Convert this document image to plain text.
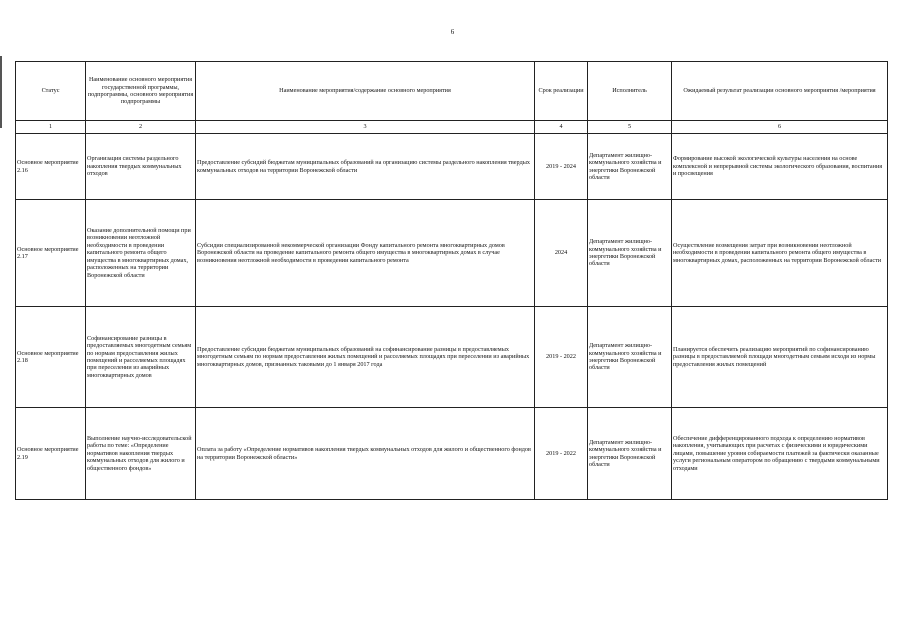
6
Статус	Наименование основного мероприятия государственной программы, подпрограммы, основного мероприятия подпрограммы	Наименование мероприятия/содержание основного мероприятия	Срок реализации	Исполнитель	Ожидаемый результат реализации основного мероприятия /мероприятия
1	2	3	4	5	6
Основное мероприятие 2.16	Организация системы раздельного накопления твердых коммунальных отходов	Предоставление субсидий бюджетам муниципальных образований на организацию системы раздельного накопления твердых коммунальных отходов на территории Воронежской области	2019 - 2024	Департамент жилищно-коммунального хозяйства и энергетики Воронежской области	Формирование высокой экологической культуры населения на основе комплексной и непрерывной системы экологического образования, воспитания и просвещения
Основное мероприятие 2.17	Оказание дополнительной помощи при возникновении неотложной необходимости в проведении капитального ремонта общего имущества в многоквартирных домах, расположенных на территории Воронежской области	Субсидии специализированной некоммерческой организации Фонду капитального ремонта многоквартирных домов Воронежской области на проведение капитального ремонта общего имущества в многоквартирных домах в случае возникновения неотложной необходимости в проведении капитального ремонта	2024	Департамент жилищно-коммунального хозяйства и энергетики Воронежской области	Осуществление возмещения затрат при возникновении неотложной необходимости в проведении капитального ремонта общего имущества в многоквартирных домах, расположенных на территории Воронежской области
Основное мероприятие 2.18	Софинансирование разницы в предоставляемых многодетным семьям по нормам предоставления жилых помещений и расселяемых площадях при переселении из аварийных многоквартирных домов	Предоставление субсидии бюджетам муниципальных образований на софинансирование разницы в предоставляемых многодетным семьям по нормам предоставления жилых помещений и расселяемых площадях при переселении из аварийных многоквартирных домов, признанных таковыми до 1 января 2017 года	2019 - 2022	Департамент жилищно-коммунального хозяйства и энергетики Воронежской области	Планируется обеспечить реализацию мероприятий по софинансированию разницы в предоставляемой площади многодетным семьям исходя из нормы предоставления жилых помещений
Основное мероприятие 2.19	Выполнение научно-исследовательской работы по теме: «Определение нормативов накопления твердых коммунальных отходов для жилого и общественного фондов»	Оплата за работу «Определение нормативов накопления твердых коммунальных отходов для жилого и общественного фондов на территории Воронежской области»	2019 - 2022	Департамент жилищно-коммунального хозяйства и энергетики Воронежской области	Обеспечение дифференцированного подхода к определению нормативов накопления, учитывающих при расчетах с физическими и юридическими лицами, повышение уровня собираемости платежей за фактически оказанные услуги региональным оператором по обращению с твердыми коммунальными отходами
